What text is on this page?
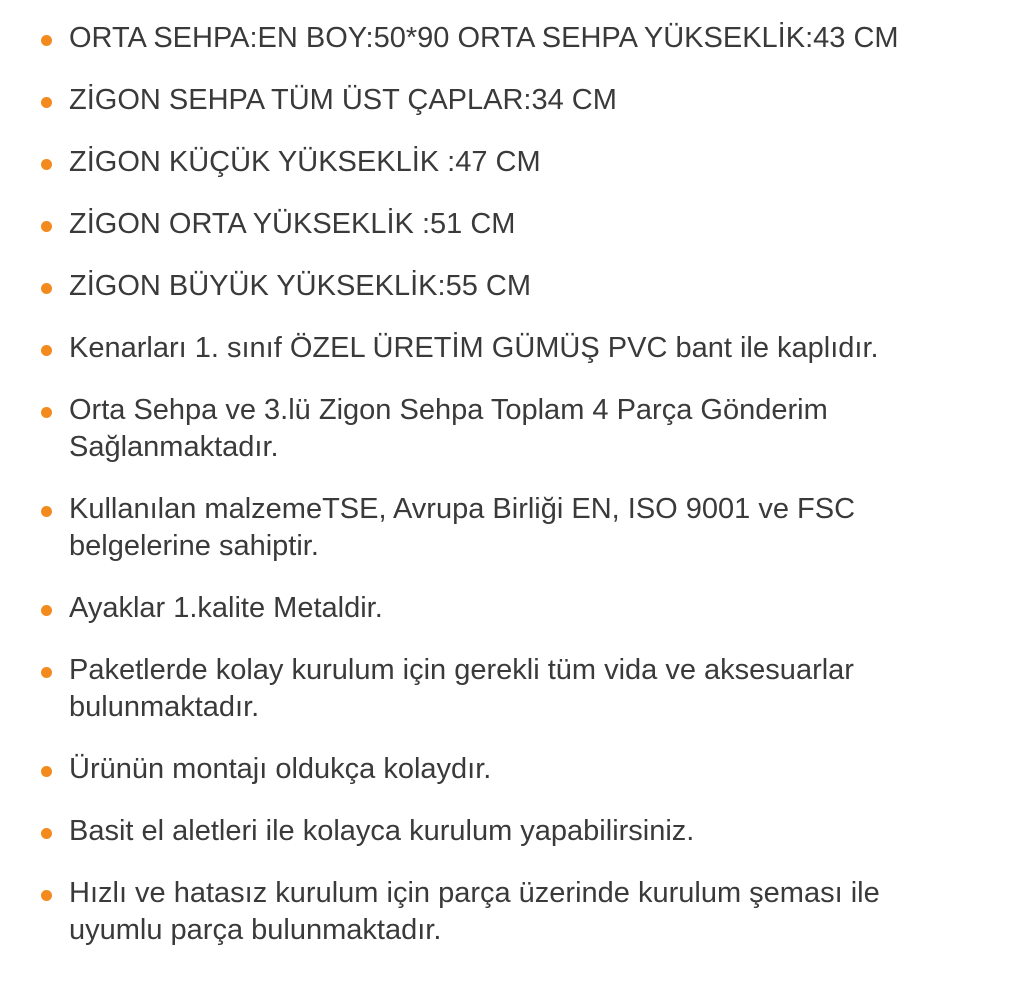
ORTA SEHPA:EN BOY:50*90 ORTA SEHPA YÜKSEKLİK:43 CM
ZİGON SEHPA TÜM ÜST ÇAPLAR:34 CM
ZİGON KÜÇÜK YÜKSEKLİK :47 CM
ZİGON ORTA YÜKSEKLİK :51 CM
ZİGON BÜYÜK YÜKSEKLİK:55 CM
Kenarları 1. sınıf ÖZEL ÜRETİM GÜMÜŞ PVC bant ile kaplıdır.
Orta Sehpa ve 3.lü Zigon Sehpa Toplam 4 Parça Gönderim Sağlanmaktadır.
Kullanılan malzemeTSE, Avrupa Birliği EN, ISO 9001 ve FSC belgelerine sahiptir.
Ayaklar 1.kalite Metaldir.
Paketlerde kolay kurulum için gerekli tüm vida ve aksesuarlar bulunmaktadır.
Ürünün montajı oldukça kolaydır.
Basit el aletleri ile kolayca kurulum yapabilirsiniz.
Hızlı ve hatasız kurulum için parça üzerinde kurulum şeması ile uyumlu parça bulunmaktadır.
